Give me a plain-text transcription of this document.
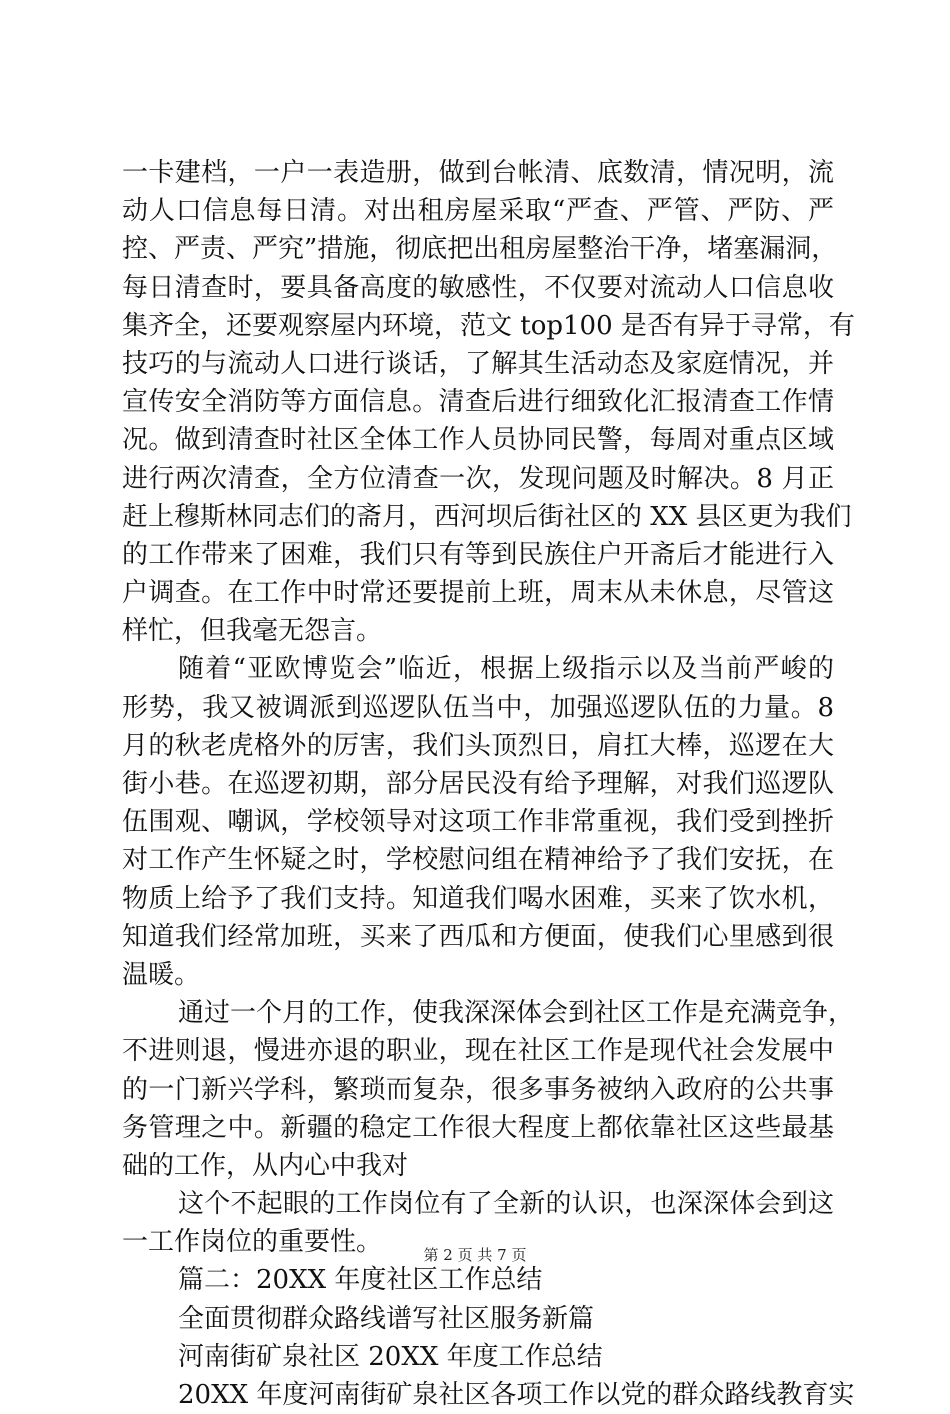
一卡建档，一户一表造册，做到台帐清、底数清，情况明，流
动人口信息每日清。对出租房屋采取“严查、严管、严防、严
控、严责、严究”措施，彻底把出租房屋整治干净，堵塞漏洞，
每日清查时，要具备高度的敏感性，不仅要对流动人口信息收
集齐全，还要观察屋内环境，范文 top100 是否有异于寻常，有
技巧的与流动人口进行谈话，了解其生活动态及家庭情况，并
宣传安全消防等方面信息。清查后进行细致化汇报清查工作情
况。做到清查时社区全体工作人员协同民警，每周对重点区域
进行两次清查，全方位清查一次，发现问题及时解决。8 月正
赶上穆斯林同志们的斋月，西河坝后街社区的 XX 县区更为我们
的工作带来了困难，我们只有等到民族住户开斋后才能进行入
户调查。在工作中时常还要提前上班，周末从未休息，尽管这
样忙，但我毫无怨言。
随着“亚欧博览会”临近，根据上级指示以及当前严峻的
形势，我又被调派到巡逻队伍当中，加强巡逻队伍的力量。8
月的秋老虎格外的厉害，我们头顶烈日，肩扛大棒，巡逻在大
街小巷。在巡逻初期，部分居民没有给予理解，对我们巡逻队
伍围观、嘲讽，学校领导对这项工作非常重视，我们受到挫折
对工作产生怀疑之时，学校慰问组在精神给予了我们安抚，在
物质上给予了我们支持。知道我们喝水困难，买来了饮水机，
知道我们经常加班，买来了西瓜和方便面，使我们心里感到很
温暖。
通过一个月的工作，使我深深体会到社区工作是充满竞争，
不进则退，慢进亦退的职业，现在社区工作是现代社会发展中
的一门新兴学科，繁琐而复杂，很多事务被纳入政府的公共事
务管理之中。新疆的稳定工作很大程度上都依靠社区这些最基
础的工作，从内心中我对
这个不起眼的工作岗位有了全新的认识，也深深体会到这
一工作岗位的重要性。
篇二：20XX 年度社区工作总结
全面贯彻群众路线谱写社区服务新篇
河南街矿泉社区 20XX 年度工作总结
20XX 年度河南街矿泉社区各项工作以党的群众路线教育实
第 2 页 共 7 页
